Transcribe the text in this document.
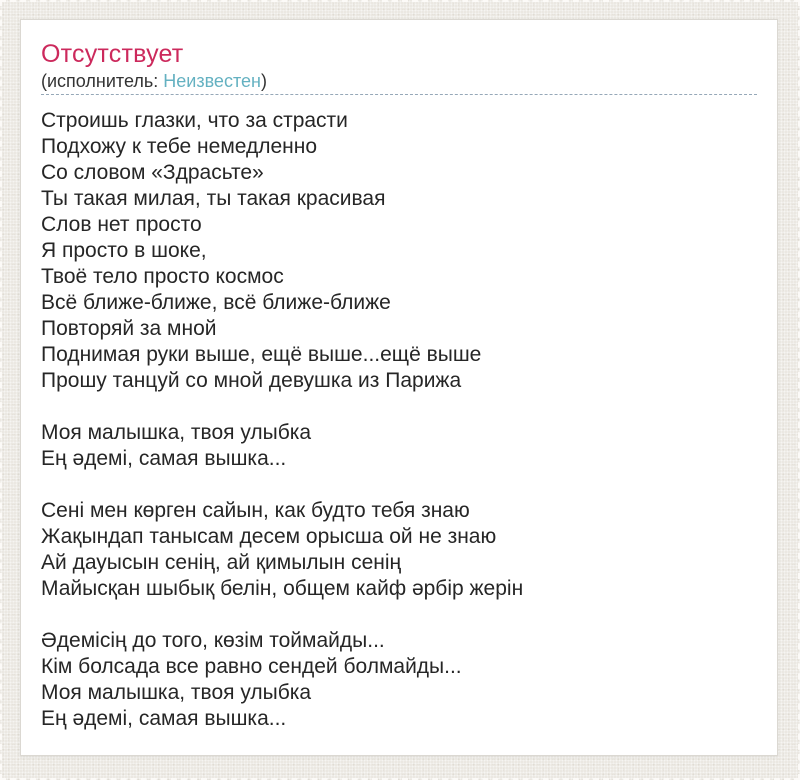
Отсутствует
(исполнитель: Неизвестен)
Строишь глазки, что за страсти
Подхожу к тебе немедленно
Со словом «Здрасьте»
Ты такая милая, ты такая красивая
Слов нет просто
Я просто в шоке,
Твоё тело просто космос
Всё ближе-ближе, всё ближе-ближе
Повторяй за мной
Поднимая руки выше, ещё выше...ещё выше
Прошу танцуй со мной девушка из Парижа
Моя малышка, твоя улыбка
Ең әдемі, самая вышка...
Сені мен көрген сайын, как будто тебя знаю
Жақындап танысам десем орысша ой не знаю
Ай дауысын сенің, ай қимылын сенің
Майысқан шыбық белін, общем кайф әрбір жерін
Әдемісің до того, көзім тоймайды...
Кім болсада все равно сендей болмайды...
Моя малышка, твоя улыбка
Ең әдемі, самая вышка...
